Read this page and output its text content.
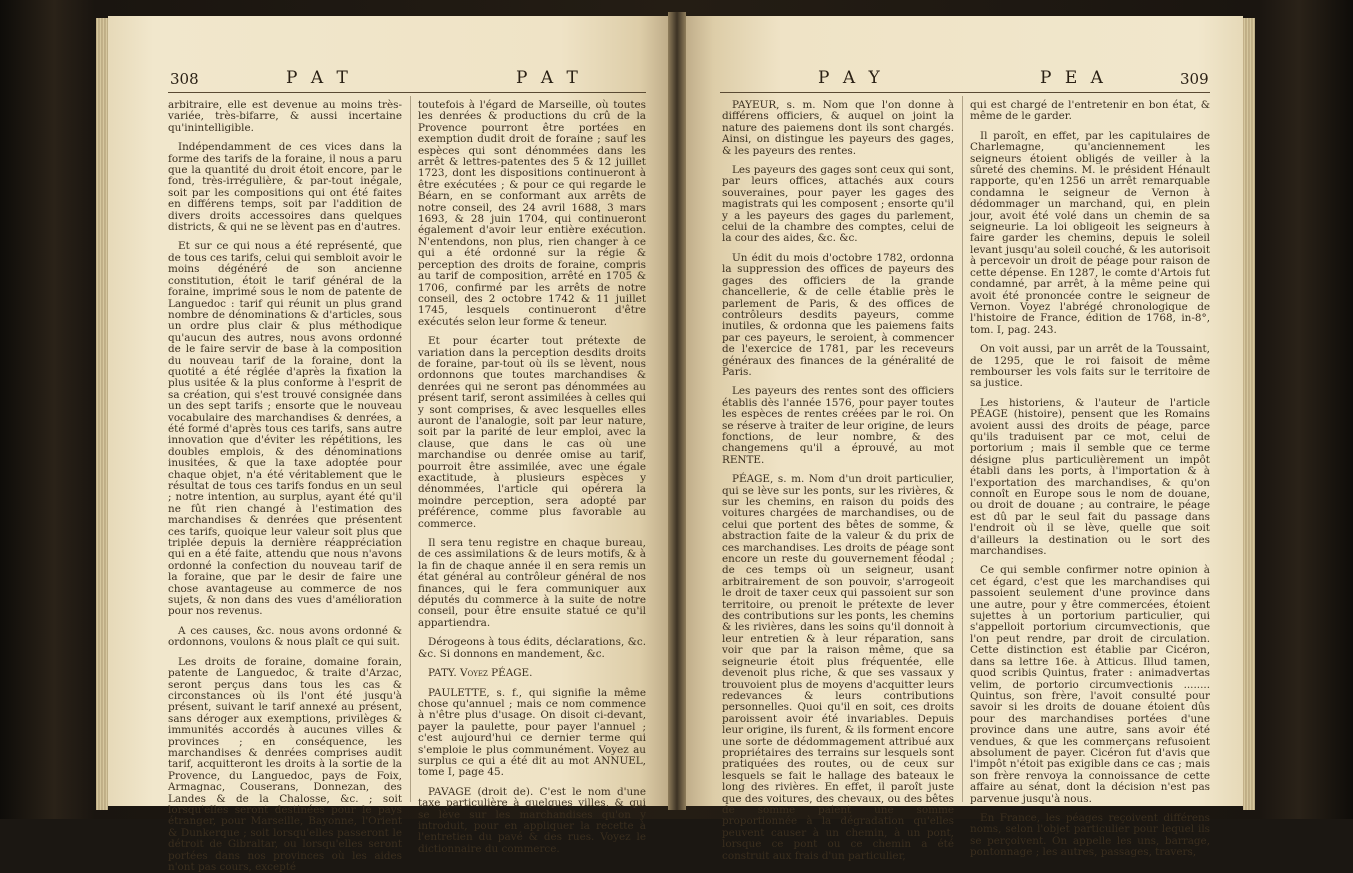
308	P A T	P A T

arbitraire, elle est devenue au moins très-variée, très-bifarre, & aussi incertaine qu'inintelligible.

Indépendamment de ces vices dans la forme des tarifs de la foraine, il nous a paru que la quantité du droit étoit encore, par le fond, très-irrégulière, & par-tout inégale, soit par les compositions qui ont été faites en différens temps, soit par l'addition de divers droits accessoires dans quelques districts, & qui ne se lèvent pas en d'autres.

Et sur ce qui nous a été représenté, que de tous ces tarifs, celui qui sembloit avoir le moins dégénéré de son ancienne constitution, étoit le tarif général de la foraine, imprimé sous le nom de patente de Languedoc : tarif qui réunit un plus grand nombre de dénominations & d'articles, sous un ordre plus clair & plus méthodique qu'aucun des autres, nous avons ordonné de le faire servir de base à la composition du nouveau tarif de la foraine, dont la quotité a été réglée d'après la fixation la plus usitée & la plus conforme à l'esprit de sa création, qui s'est trouvé consignée dans un des sept tarifs ; ensorte que le nouveau vocabulaire des marchandises & denrées, a été formé d'après tous ces tarifs, sans autre innovation que d'éviter les répétitions, les doubles emplois, & des dénominations inusitées, & que la taxe adoptée pour chaque objet, n'a été véritablement que le résultat de tous ces tarifs fondus en un seul ; notre intention, au surplus, ayant été qu'il ne fût rien changé à l'estimation des marchandises & denrées que présentent ces tarifs, quoique leur valeur soit plus que triplée depuis la dernière réappréciation qui en a été faite, attendu que nous n'avons ordonné la confection du nouveau tarif de la foraine, que par le desir de faire une chose avantageuse au commerce de nos sujets, & non dans des vues d'amélioration pour nos revenus.

A ces causes, &c. nous avons ordonné & ordonnons, voulons & nous plaît ce qui suit.

Les droits de foraine, domaine forain, patente de Languedoc, & traite d'Arzac, seront perçus dans tous les cas & circonstances où ils l'ont été jusqu'à présent, suivant le tarif annexé au présent, sans déroger aux exemptions, privilèges & immunités accordés à aucunes villes & provinces ; en conséquence, les marchandises & denrées comprises audit tarif, acquitteront les droits à la sortie de la Provence, du Languedoc, pays de Foix, Armagnac, Couserans, Donnezan, des Landes & de la Chalosse, &c. ; soit lorsqu'elles seront destinées pour le pays étranger, pour Marseille, Bayonne, l'Orient & Dunkerque ; soit lorsqu'elles passeront le détroit de Gibraltar, ou lorsqu'elles seront portées dans nos provinces où les aides n'ont pas cours, excepté

toutefois à l'égard de Marseille, où toutes les denrées & productions du crû de la Provence pourront être portées en exemption dudit droit de foraine ; sauf les espèces qui sont dénommées dans les arrêt & lettres-patentes des 5 & 12 juillet 1723, dont les dispositions continueront à être exécutées ; & pour ce qui regarde le Béarn, en se conformant aux arrêts de notre conseil, des 24 avril 1688, 3 mars 1693, & 28 juin 1704, qui continueront également d'avoir leur entière exécution. N'entendons, non plus, rien changer à ce qui a été ordonné sur la régie & perception des droits de foraine, compris au tarif de composition, arrêté en 1705 & 1706, confirmé par les arrêts de notre conseil, des 2 octobre 1742 & 11 juillet 1745, lesquels continueront d'être exécutés selon leur forme & teneur.

Et pour écarter tout prétexte de variation dans la perception desdits droits de foraine, par-tout où ils se lèvent, nous ordonnons que toutes marchandises & denrées qui ne seront pas dénommées au présent tarif, seront assimilées à celles qui y sont comprises, & avec lesquelles elles auront de l'analogie, soit par leur nature, soit par la parité de leur emploi, avec la clause, que dans le cas où une marchandise ou denrée omise au tarif, pourroit être assimilée, avec une égale exactitude, à plusieurs espèces y dénommées, l'article qui opérera la moindre perception, sera adopté par préférence, comme plus favorable au commerce.

Il sera tenu registre en chaque bureau, de ces assimilations & de leurs motifs, & à la fin de chaque année il en sera remis un état général au contrôleur général de nos finances, qui le fera communiquer aux députés du commerce à la suite de notre conseil, pour être ensuite statué ce qu'il appartiendra.

Dérogeons à tous édits, déclarations, &c. &c. Si donnons en mandement, &c.

PATY. Voyez PÉAGE.

PAULETTE, s. f., qui signifie la même chose qu'annuel ; mais ce nom commence à n'être plus d'usage. On disoit ci-devant, payer la paulette, pour payer l'annuel ; c'est aujourd'hui ce dernier terme qui s'emploie le plus communément. Voyez au surplus ce qui a été dit au mot ANNUEL, tome I, page 45.

PAVAGE (droit de). C'est le nom d'une taxe particulière à quelques villes, & qui se lève sur les marchandises qu'on y introduit, pour en appliquer la recette à l'entretien du pavé & des rues. Voyez le dictionnaire du commerce.

P A Y	P E A	309

PAYEUR, s. m. Nom que l'on donne à différens officiers, & auquel on joint la nature des paiemens dont ils sont chargés. Ainsi, on distingue les payeurs des gages, & les payeurs des rentes.

Les payeurs des gages sont ceux qui sont, par leurs offices, attachés aux cours souveraines, pour payer les gages des magistrats qui les composent ; ensorte qu'il y a les payeurs des gages du parlement, celui de la chambre des comptes, celui de la cour des aides, &c. &c.

Un édit du mois d'octobre 1782, ordonna la suppression des offices de payeurs des gages des officiers de la grande chancellerie, & de celle établie près le parlement de Paris, & des offices de contrôleurs desdits payeurs, comme inutiles, & ordonna que les paiemens faits par ces payeurs, le seroient, à commencer de l'exercice de 1781, par les receveurs généraux des finances de la généralité de Paris.

Les payeurs des rentes sont des officiers établis dès l'année 1576, pour payer toutes les espèces de rentes créées par le roi. On se réserve à traiter de leur origine, de leurs fonctions, de leur nombre, & des changemens qu'il a éprouvé, au mot RENTE.

PÉAGE, s. m. Nom d'un droit particulier, qui se lève sur les ponts, sur les rivières, & sur les chemins, en raison du poids des voitures chargées de marchandises, ou de celui que portent des bêtes de somme, & abstraction faite de la valeur & du prix de ces marchandises. Les droits de péage sont encore un reste du gouvernement féodal ; de ces temps où un seigneur, usant arbitrairement de son pouvoir, s'arrogeoit le droit de taxer ceux qui passoient sur son territoire, ou prenoit le prétexte de lever des contributions sur les ponts, les chemins & les rivières, dans les soins qu'il donnoit à leur entretien & à leur réparation, sans voir que par la raison même, que sa seigneurie étoit plus fréquentée, elle devenoit plus riche, & que ses vassaux y trouvoient plus de moyens d'acquitter leurs redevances & leurs contributions personnelles. Quoi qu'il en soit, ces droits paroissent avoir été invariables. Depuis leur origine, ils furent, & ils forment encore une sorte de dédommagement attribué aux propriétaires des terrains sur lesquels sont pratiquées des routes, ou de ceux sur lesquels se fait le hallage des bateaux le long des rivières. En effet, il paroît juste que des voitures, des chevaux, ou des bêtes de somme paient une somme proportionnée à la dégradation qu'elles peuvent causer à un chemin, à un pont, lorsque ce pont ou ce chemin a été construit aux frais d'un particulier,

qui est chargé de l'entretenir en bon état, & même de le garder.

Il paroît, en effet, par les capitulaires de Charlemagne, qu'anciennement les seigneurs étoient obligés de veiller à la sûreté des chemins. M. le président Hénault rapporte, qu'en 1256 un arrêt remarquable condamna le seigneur de Vernon à dédommager un marchand, qui, en plein jour, avoit été volé dans un chemin de sa seigneurie. La loi obligeoit les seigneurs à faire garder les chemins, depuis le soleil levant jusqu'au soleil couché, & les autorisoit à percevoir un droit de péage pour raison de cette dépense. En 1287, le comte d'Artois fut condamné, par arrêt, à la même peine qui avoit été prononcée contre le seigneur de Vernon. Voyez l'abrégé chronologique de l'histoire de France, édition de 1768, in-8°, tom. I, pag. 243.

On voit aussi, par un arrêt de la Toussaint, de 1295, que le roi faisoit de même rembourser les vols faits sur le territoire de sa justice.

Les historiens, & l'auteur de l'article PÉAGE (histoire), pensent que les Romains avoient aussi des droits de péage, parce qu'ils traduisent par ce mot, celui de portorium ; mais il semble que ce terme désigne plus particulièrement un impôt établi dans les ports, à l'importation & à l'exportation des marchandises, & qu'on connoît en Europe sous le nom de douane, ou droit de douane ; au contraire, le péage est dû par le seul fait du passage dans l'endroit où il se lève, quelle que soit d'ailleurs la destination ou le sort des marchandises.

Ce qui semble confirmer notre opinion à cet égard, c'est que les marchandises qui passoient seulement d'une province dans une autre, pour y être commercées, étoient sujettes à un portorium particulier, qui s'appelloit portorium circumvectionis, que l'on peut rendre, par droit de circulation. Cette distinction est établie par Cicéron, dans sa lettre 16e. à Atticus. Illud tamen, quod scribis Quintus, frater : animadvertas velim, de portorio circumvectionis ........ Quintus, son frère, l'avoit consulté pour savoir si les droits de douane étoient dûs pour des marchandises portées d'une province dans une autre, sans avoir été vendues, & que les commerçans refusoient absolument de payer. Cicéron fut d'avis que l'impôt n'étoit pas exigible dans ce cas ; mais son frère renvoya la connoissance de cette affaire au sénat, dont la décision n'est pas parvenue jusqu'à nous.

En France, les péages reçoivent différens noms, selon l'objet particulier pour lequel ils se perçoivent. On appelle les uns, barrage, pontonnage ; les autres, passages, travers,
